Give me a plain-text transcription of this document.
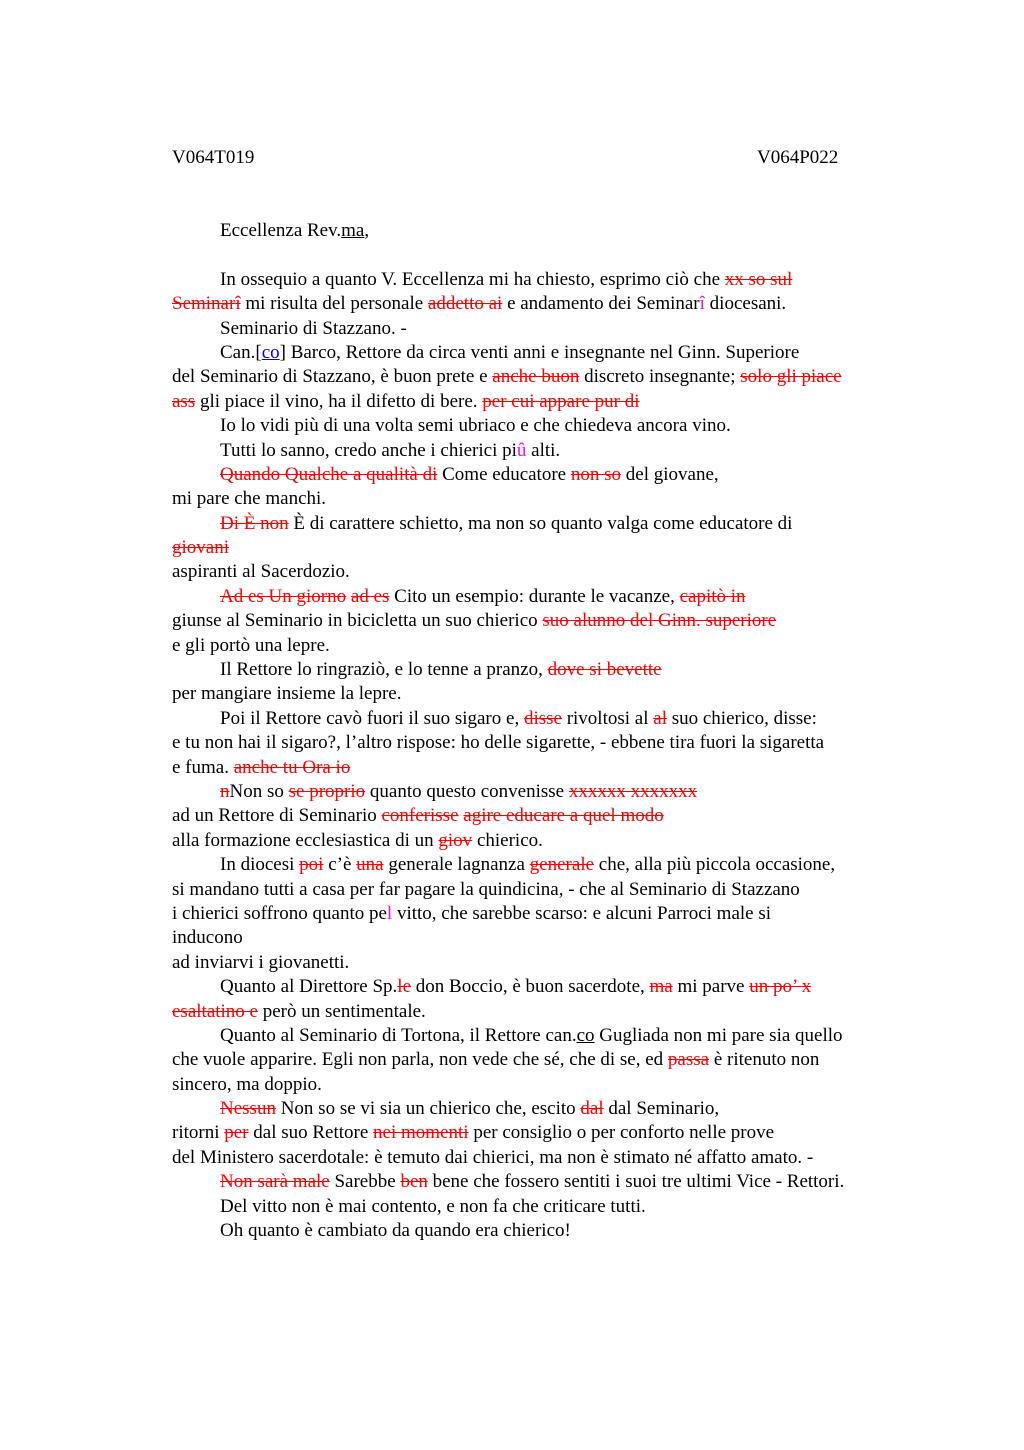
V064T019	V064P022
Eccellenza Rev.ma,
In ossequio a quanto V. Eccellenza mi ha chiesto, esprimo ciò che xx so sul
Seminarî mi risulta del personale addetto ai e andamento dei Seminarî diocesani.
Seminario di Stazzano. -
Can.[co] Barco, Rettore da circa venti anni e insegnante nel Ginn. Superiore
del Seminario di Stazzano, è buon prete e anche buon discreto insegnante; solo gli piace
ass gli piace il vino, ha il difetto di bere. per cui appare pur di
Io lo vidi più di una volta semi ubriaco e che chiedeva ancora vino.
Tutti lo sanno, credo anche i chierici piû alti.
Quando Qualche a qualità di Come educatore non so del giovane,
mi pare che manchi.
Di È non È di carattere schietto, ma non so quanto valga come educatore di
giovani
aspiranti al Sacerdozio.
Ad es Un giorno ad es Cito un esempio: durante le vacanze, capitò in
giunse al Seminario in bicicletta un suo chierico suo alunno del Ginn. superiore
e gli portò una lepre.
Il Rettore lo ringraziò, e lo tenne a pranzo, dove si bevette
per mangiare insieme la lepre.
Poi il Rettore cavò fuori il suo sigaro e, disse rivoltosi al al suo chierico, disse:
e tu non hai il sigaro?, l’altro rispose: ho delle sigarette, - ebbene tira fuori la sigaretta
e fuma. anche tu Ora io
nNon so se proprio quanto questo convenisse xxxxxx xxxxxxx
ad un Rettore di Seminario conferisse agire educare a quel modo
alla formazione ecclesiastica di un giov chierico.
In diocesi poi c’è una generale lagnanza generale che, alla più piccola occasione,
si mandano tutti a casa per far pagare la quindicina, - che al Seminario di Stazzano
i chierici soffrono quanto pel vitto, che sarebbe scarso: e alcuni Parroci male si
inducono
ad inviarvi i giovanetti.
Quanto al Direttore Sp.le don Boccio, è buon sacerdote, ma mi parve un po’ x
esaltatino e però un sentimentale.
Quanto al Seminario di Tortona, il Rettore can.co Gugliada non mi pare sia quello
che vuole apparire. Egli non parla, non vede che sé, che di se, ed passa è ritenuto non
sincero, ma doppio.
Nessun Non so se vi sia un chierico che, escito dal dal Seminario,
ritorni per dal suo Rettore nei momenti per consiglio o per conforto nelle prove
del Ministero sacerdotale: è temuto dai chierici, ma non è stimato né affatto amato. -
Non sarà male Sarebbe ben bene che fossero sentiti i suoi tre ultimi Vice - Rettori.
Del vitto non è mai contento, e non fa che criticare tutti.
Oh quanto è cambiato da quando era chierico!
